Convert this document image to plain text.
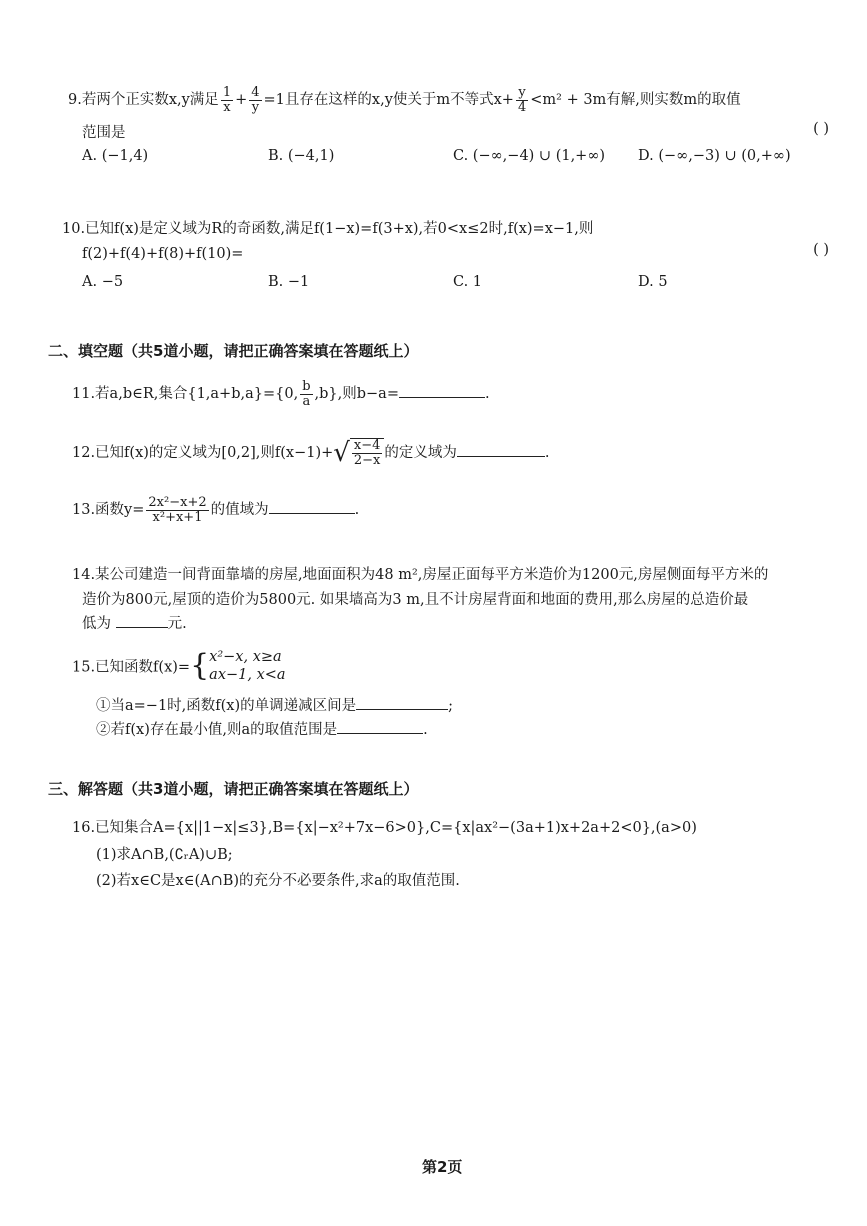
9.若两个正实数x,y满足 $\frac{1}{x} + \frac{4}{y} =1$且存在这样的x,y使关于m不等式$x+ \frac{y}{4} <m^2 + 3m$有解,则实数m的取值
范围是	( )
A. (−1,4)	B. (−4,1)	C. (−∞,−4) ∪ (1,+∞) D. (−∞,−3) ∪ (0,+∞)
10.已知f(x)是定义域为R的奇函数,满足f(1−x)=f(3+x),若0<x≤2时,f(x)=x−1,则
f(2)+f(4)+f(8)+f(10)=	( )
A. −5	B. −1	C. 1	D. 5
二、填空题（共5道小题，请把正确答案填在答题纸上）
11.若a,b∈R,集合{1,a+b,a}={0, $\frac{b}{a} ,b$},则b−a=	.
12.已知f(x)的定义域为[0,2],则$f(x-1)+√ \frac{x-4}{2-x}$ 的定义域为	.
13.函数$y= \frac{\text{2x²−x+2}}{\text{x²+x+1}}$ 的值域为	.
14.某公司建造一间背面靠墙的房屋,地面面积为48 m²,房屋正面每平方米造价为1200元,房屋侧面每平方米的
造价为800元,屋顶的造价为5800元. 如果墙高为3 m,且不计房屋背面和地面的费用,那么房屋的总造价最
低为	元.
15.已知函数f(x)={ x²−x, x≥a
ax−1, x<a
①当a=−1时,函数f(x)的单调递减区间是	;
②若f(x)存在最小值,则a的取值范围是	.
三、解答题（共3道小题，请把正确答案填在答题纸上）
16.已知集合A={x||1−x|≤3},B={x|−x²+7x−6>0},C={x|ax²−(3a+1)x+2a+2<0},(a>0)
(1)求A∩B,(∁ᵣA)∪B;
(2)若x∈C是x∈(A∩B)的充分不必要条件,求a的取值范围.
第2页
